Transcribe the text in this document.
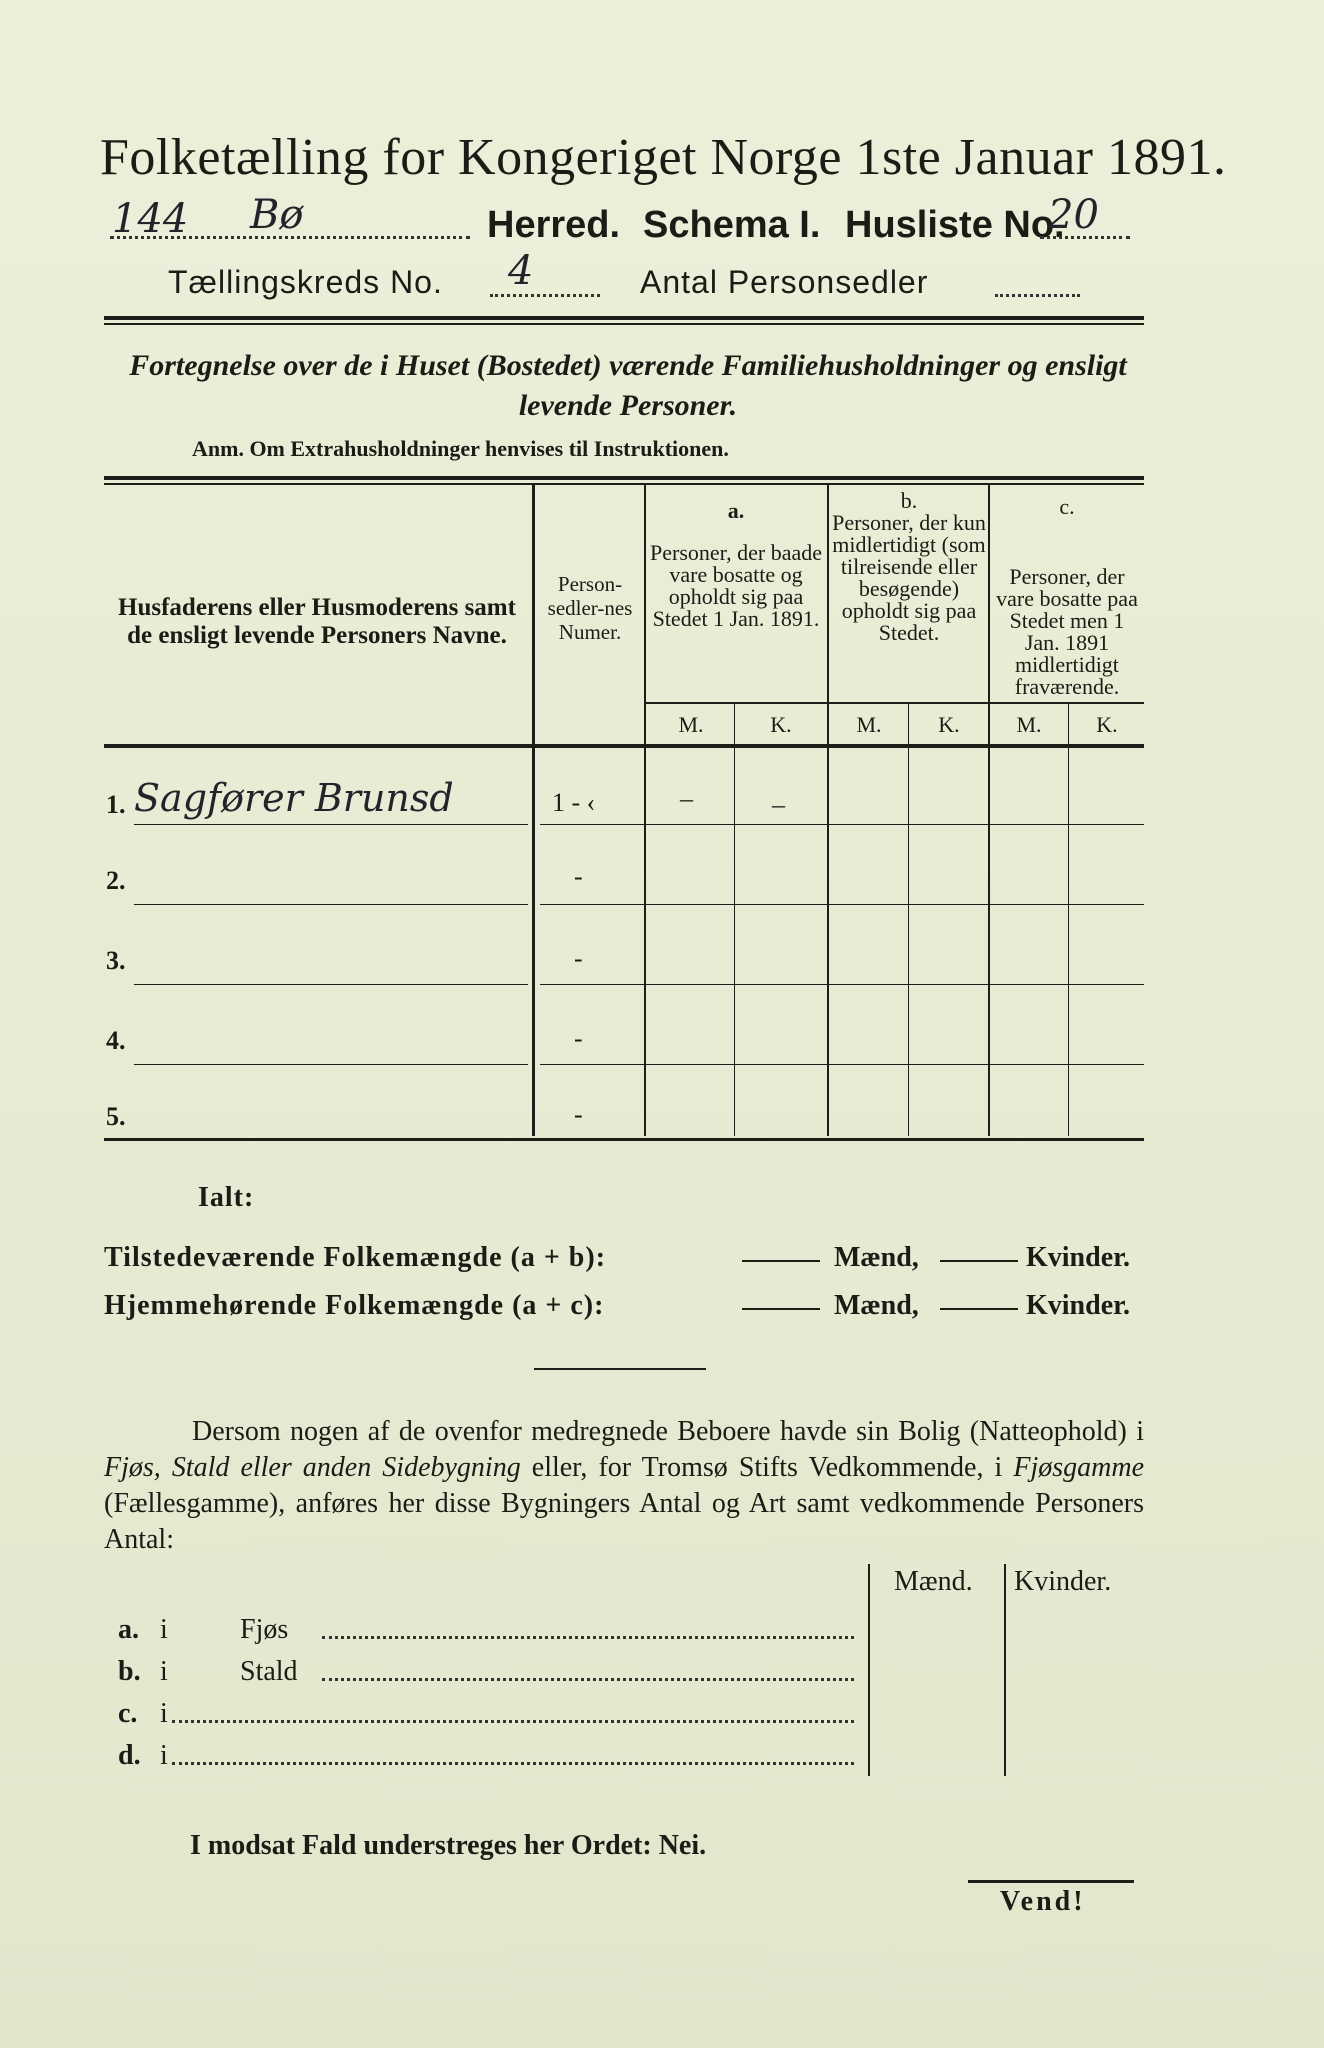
Folketælling for Kongeriget Norge 1ste Januar 1891.
144 Bø	Herred. Schema I. Husliste No.
20
Tællingskreds No. 4	Antal Personsedler
Fortegnelse over de i Huset (Bostedet) værende Familiehusholdninger og ensligt levende Personer.
Anm. Om Extrahusholdninger henvises til Instruktionen.
Husfaderens eller Husmoderens samt de ensligt levende Personers Navne.
Person-sedler-nes Numer.
a.
Personer, der baade vare bosatte og opholdt sig paa Stedet 1 Jan. 1891.
b.
Personer, der kun midlertidigt (som tilreisende eller besøgende) opholdt sig paa Stedet.
c.
Personer, der vare bosatte paa Stedet men 1 Jan. 1891 midlertidigt fraværende.
M.	K.	M.	K.	M.	K.
1. Sagfører Brunsd	1 - ‹	–	–
2.	-
3.	-
4.	-
5.	-
Ialt:
Tilstedeværende Folkemængde (a + b):	Mænd,	Kvinder.
Hjemmehørende Folkemængde (a + c):	Mænd,	Kvinder.
Dersom nogen af de ovenfor medregnede Beboere havde sin Bolig (Natteophold) i Fjøs, Stald eller anden Sidebygning eller, for Tromsø Stifts Vedkommende, i Fjøsgamme (Fællesgamme), anføres her disse Bygningers Antal og Art samt vedkommende Personers Antal:
Mænd. Kvinder.
a. i	Fjøs
b. i	Stald
c. i
d. i
I modsat Fald understreges her Ordet: Nei.
Vend!
